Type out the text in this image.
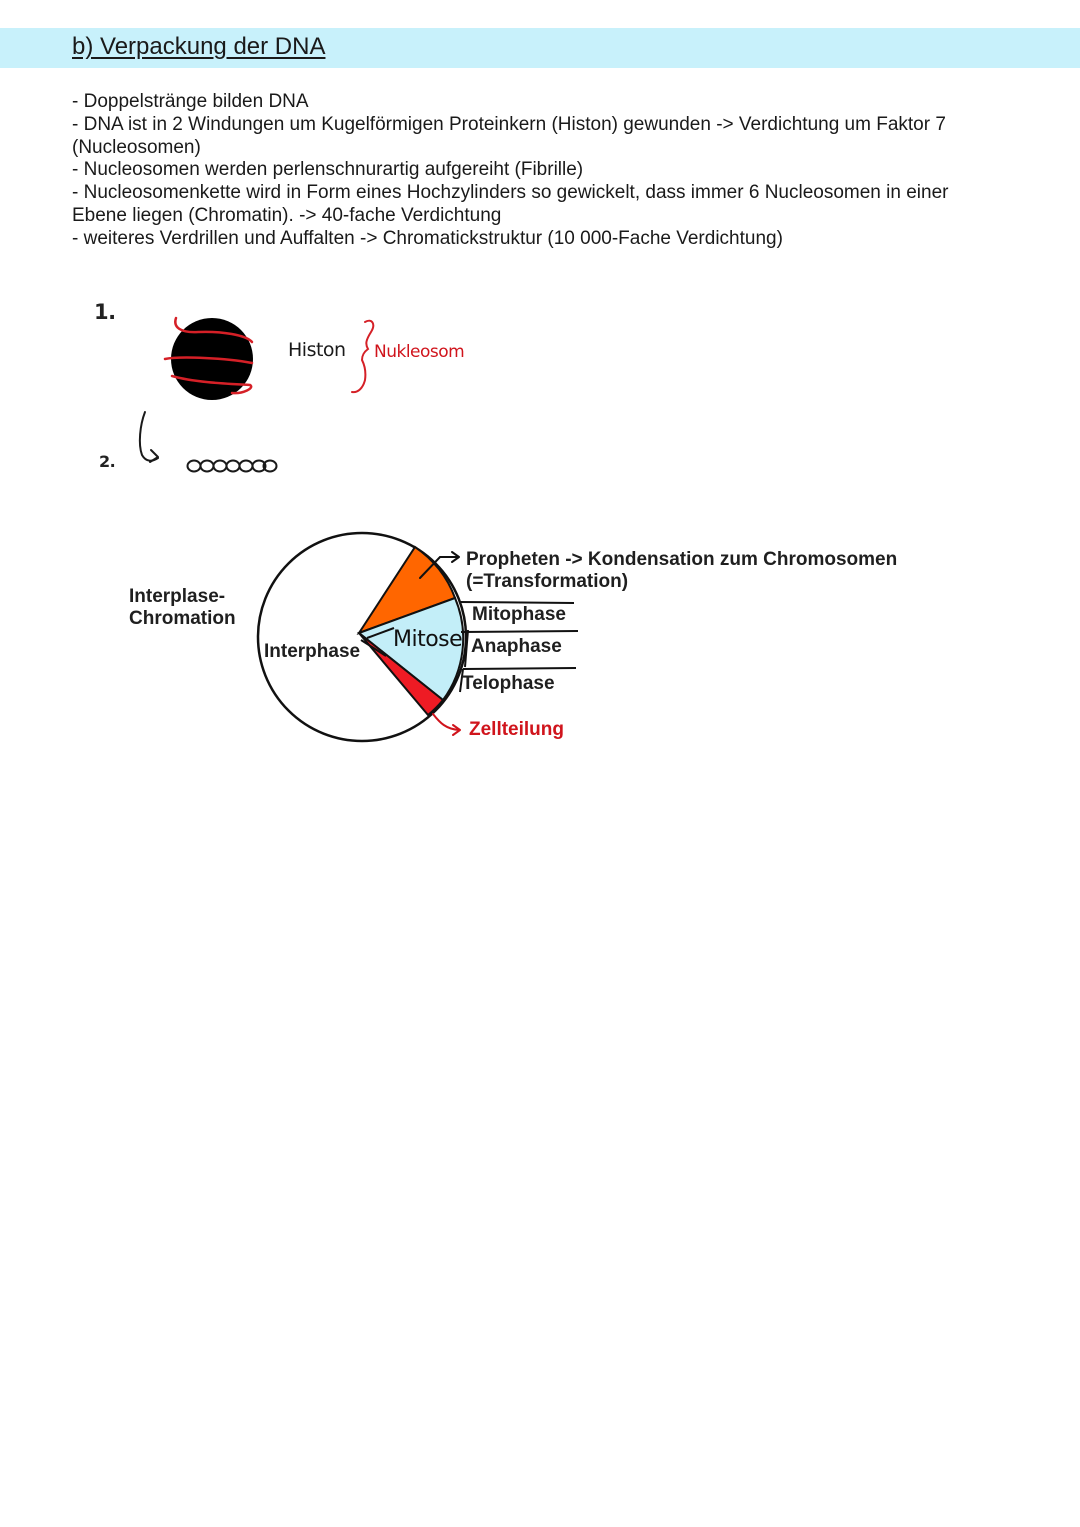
b) Verpackung der DNA
- Doppelstränge bilden DNA
- DNA ist in 2 Windungen um Kugelförmigen Proteinkern (Histon) gewunden -> Verdichtung um Faktor 7
(Nucleosomen)
- Nucleosomen werden perlenschnurartig aufgereiht (Fibrille)
- Nucleosomenkette wird in Form eines Hochzylinders so gewickelt, dass immer 6 Nucleosomen in einer
Ebene liegen (Chromatin). -> 40-fache Verdichtung
- weiteres Verdrillen und Auffalten -> Chromatickstruktur (10 000-Fache Verdichtung)
1.
2.
Histon Nukleosom
Interplase-
Chromation
Interphase Mitose
Propheten -> Kondensation zum Chromosomen
(=Transformation)
Mitophase
Anaphase
Telophase
Zellteilung
